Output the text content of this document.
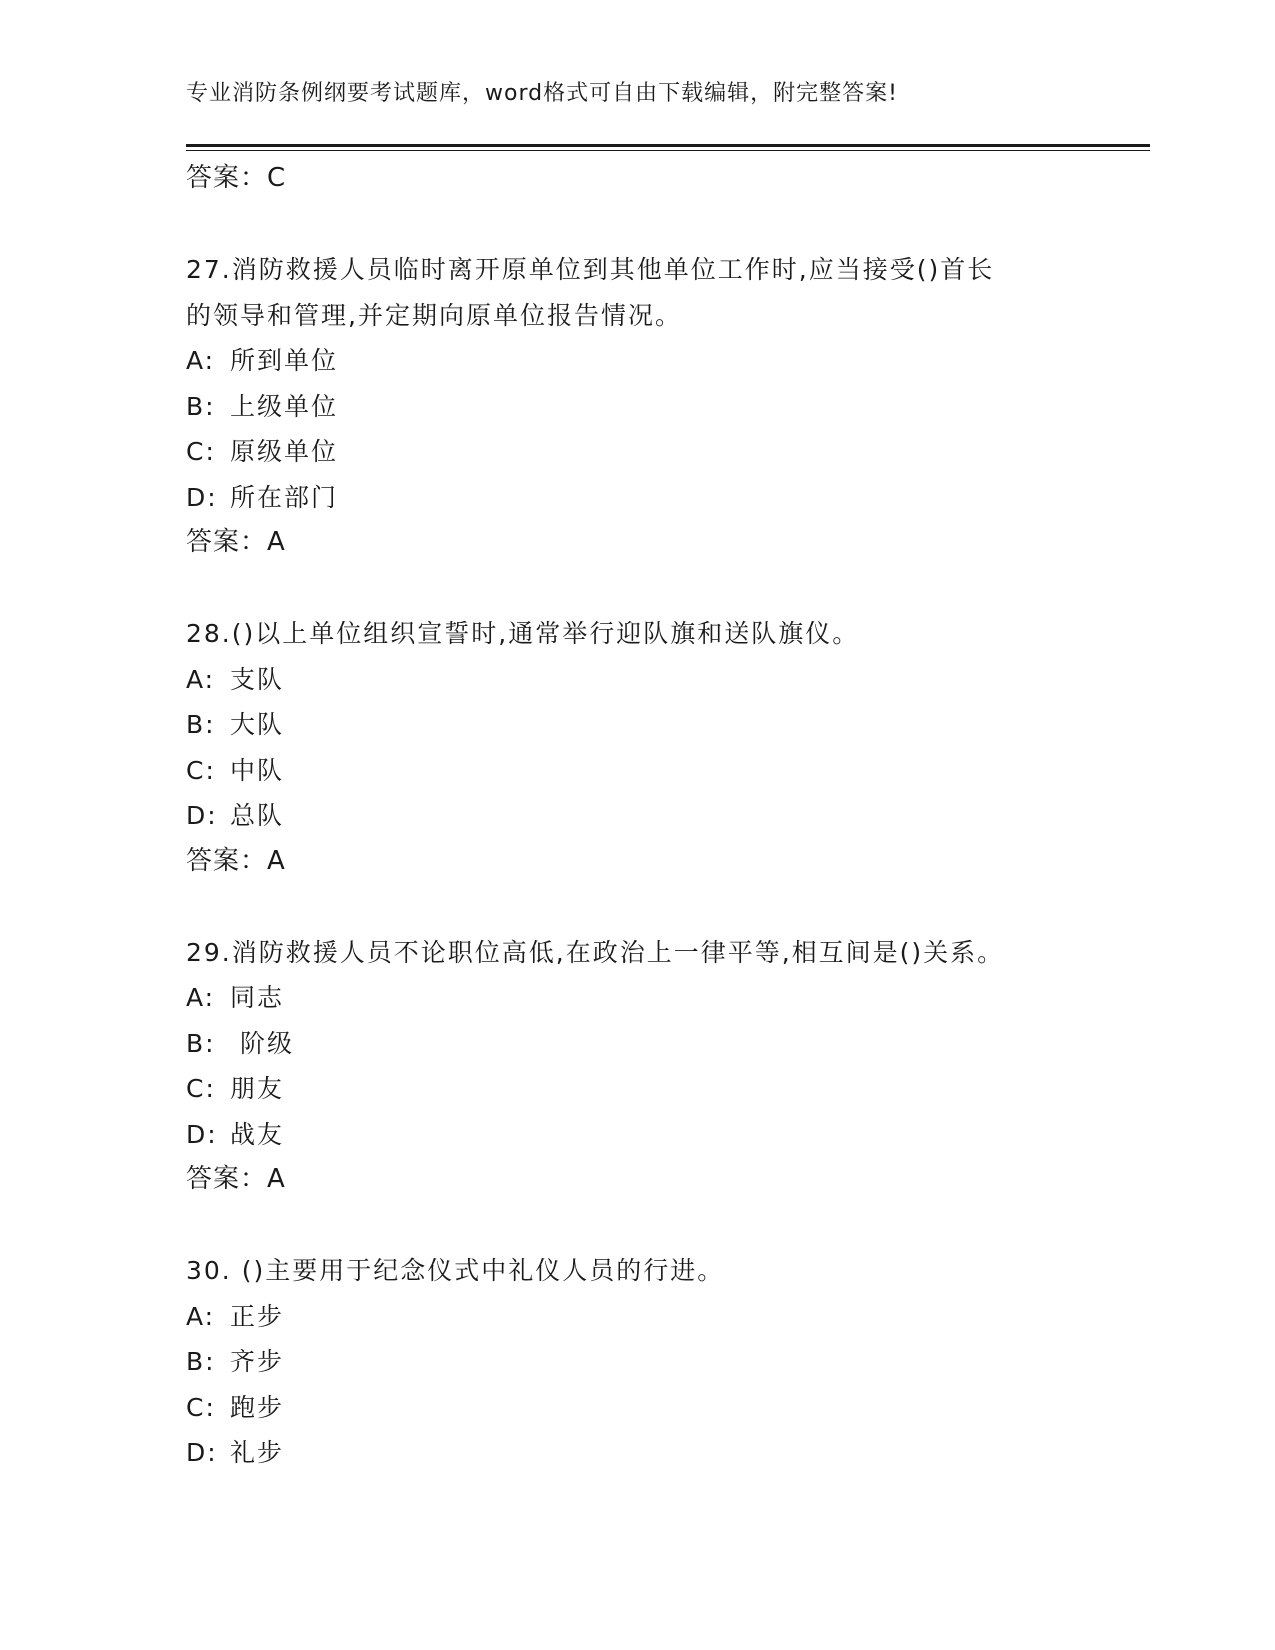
专业消防条例纲要考试题库，word格式可自由下载编辑，附完整答案!
答案：C
27.消防救援人员临时离开原单位到其他单位工作时,应当接受()首长
的领导和管理,并定期向原单位报告情况。
A: 所到单位
B: 上级单位
C: 原级单位
D: 所在部门
答案：A
28.()以上单位组织宣誓时,通常举行迎队旗和送队旗仪。
A: 支队
B: 大队
C: 中队
D: 总队
答案：A
29.消防救援人员不论职位高低,在政治上一律平等,相互间是()关系。
A: 同志
B: 阶级
C: 朋友
D: 战友
答案：A
30. ()主要用于纪念仪式中礼仪人员的行进。
A: 正步
B: 齐步
C: 跑步
D: 礼步
